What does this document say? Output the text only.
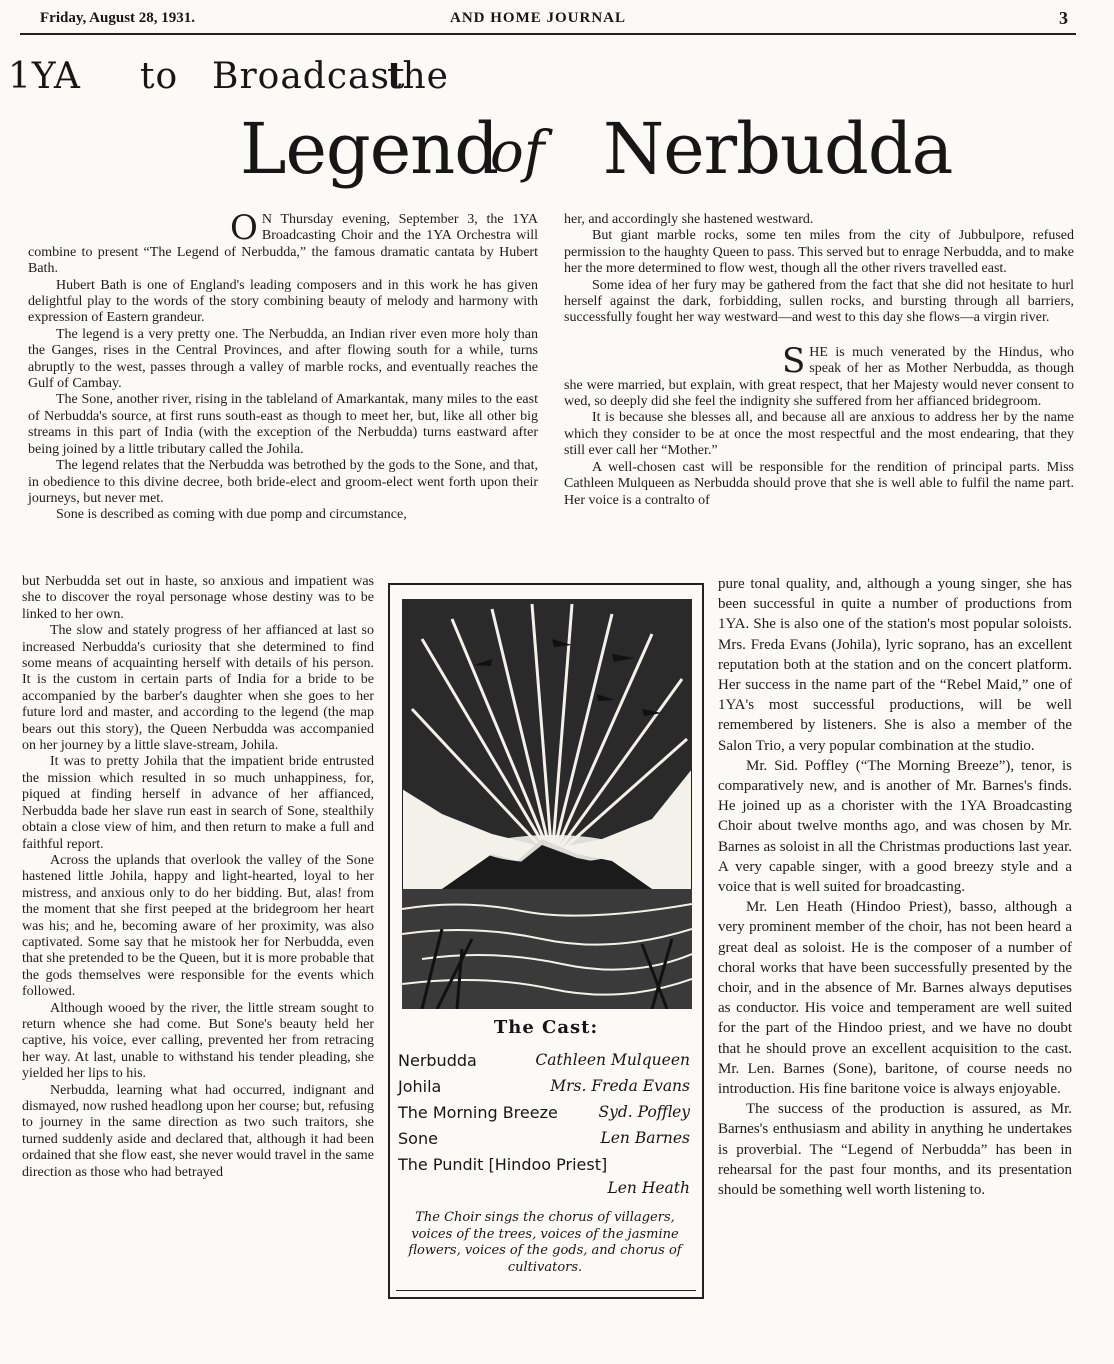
Friday, August 28, 1931.	AND HOME JOURNAL	3
1YA to Broadcast
the
Legend
of Nerbudda

O N Thursday evening, September 3, the 1YA Broadcasting Choir and the 1YA Orchestra will combine to present “The Legend of Nerbudda,” the famous dramatic cantata by Hubert Bath.

Hubert Bath is one of England's leading composers and in this work he has given delightful play to the words of the story combining beauty of melody and harmony with expression of Eastern grandeur.

The legend is a very pretty one. The Nerbudda, an Indian river even more holy than the Ganges, rises in the Central Provinces, and after flowing south for a while, turns abruptly to the west, passes through a valley of marble rocks, and eventually reaches the Gulf of Cambay.

The Sone, another river, rising in the tableland of Amarkantak, many miles to the east of Nerbudda's source, at first runs south-east as though to meet her, but, like all other big streams in this part of India (with the exception of the Nerbudda) turns eastward after being joined by a little tributary called the Johila.

The legend relates that the Nerbudda was betrothed by the gods to the Sone, and that, in obedience to this divine decree, both bride-elect and groom-elect went forth upon their journeys, but never met.

Sone is described as coming with due pomp and circumstance,

but Nerbudda set out in haste, so anxious and impatient was she to discover the royal personage whose destiny was to be linked to her own.

The slow and stately progress of her affianced at last so increased Nerbudda's curiosity that she determined to find some means of acquainting herself with details of his person. It is the custom in certain parts of India for a bride to be accompanied by the barber's daughter when she goes to her future lord and master, and according to the legend (the map bears out this story), the Queen Nerbudda was accompanied on her journey by a little slave-stream, Johila.

It was to pretty Johila that the impatient bride entrusted the mission which resulted in so much unhappiness, for, piqued at finding herself in advance of her affianced, Nerbudda bade her slave run east in search of Sone, stealthily obtain a close view of him, and then return to make a full and faithful report.

Across the uplands that overlook the valley of the Sone hastened little Johila, happy and light-hearted, loyal to her mistress, and anxious only to do her bidding. But, alas! from the moment that she first peeped at the bridegroom her heart was his; and he, becoming aware of her proximity, was also captivated. Some say that he mistook her for Nerbudda, even that she pretended to be the Queen, but it is more probable that the gods themselves were responsible for the events which followed.

Although wooed by the river, the little stream sought to return whence she had come. But Sone's beauty held her captive, his voice, ever calling, prevented her from retracing her way. At last, unable to withstand his tender pleading, she yielded her lips to his.

Nerbudda, learning what had occurred, indignant and dismayed, now rushed headlong upon her course; but, refusing to journey in the same direction as two such traitors, she turned suddenly aside and declared that, although it had been ordained that she flow east, she never would travel in the same direction as those who had betrayed

her, and accordingly she hastened westward.

But giant marble rocks, some ten miles from the city of Jubbulpore, refused permission to the haughty Queen to pass. This served but to enrage Nerbudda, and to make her the more determined to flow west, though all the other rivers travelled east.

Some idea of her fury may be gathered from the fact that she did not hesitate to hurl herself against the dark, forbidding, sullen rocks, and bursting through all barriers, successfully fought her way westward—and west to this day she flows—a virgin river.

SHE is much venerated by the Hindus, who speak of her as Mother Nerbudda, as though she were married, but explain, with great respect, that her Majesty would never consent to wed, so deeply did she feel the indignity she suffered from her affianced bridegroom.

It is because she blesses all, and because all are anxious to address her by the name which they consider to be at once the most respectful and the most endearing, that they still ever call her “Mother.”

A well-chosen cast will be responsible for the rendition of principal parts. Miss Cathleen Mulqueen as Nerbudda should prove that she is well able to fulfil the name part. Her voice is a contralto of

pure tonal quality, and, although a young singer, she has been successful in quite a number of productions from 1YA. She is also one of the station's most popular soloists. Mrs. Freda Evans (Johila), lyric soprano, has an excellent reputation both at the station and on the concert platform. Her success in the name part of the “Rebel Maid,” one of 1YA's most successful productions, will be well remembered by listeners. She is also a member of the Salon Trio, a very popular combination at the studio.

Mr. Sid. Poffley (“The Morning Breeze”), tenor, is comparatively new, and is another of Mr. Barnes's finds. He joined up as a chorister with the 1YA Broadcasting Choir about twelve months ago, and was chosen by Mr. Barnes as soloist in all the Christmas productions last year. A very capable singer, with a good breezy style and a voice that is well suited for broadcasting.

Mr. Len Heath (Hindoo Priest), basso, although a very prominent member of the choir, has not been heard a great deal as soloist. He is the composer of a number of choral works that have been successfully presented by the choir, and in the absence of Mr. Barnes always deputises as conductor. His voice and temperament are well suited for the part of the Hindoo priest, and we have no doubt that he should prove an excellent acquisition to the cast. Mr. Len. Barnes (Sone), baritone, of course needs no introduction. His fine baritone voice is always enjoyable.

The success of the production is assured, as Mr. Barnes's enthusiasm and ability in anything he undertakes is proverbial. The “Legend of Nerbudda” has been in rehearsal for the past four months, and its presentation should be something well worth listening to.

The Cast:
Nerbudda	Cathleen Mulqueen
Johila	Mrs. Freda Evans
The Morning Breeze	Syd. Poffley
Sone	Len Barnes
The Pundit [Hindoo Priest]
Len Heath
The Choir sings the chorus of villagers, voices of the trees, voices of the jasmine flowers, voices of the gods, and chorus of cultivators.
